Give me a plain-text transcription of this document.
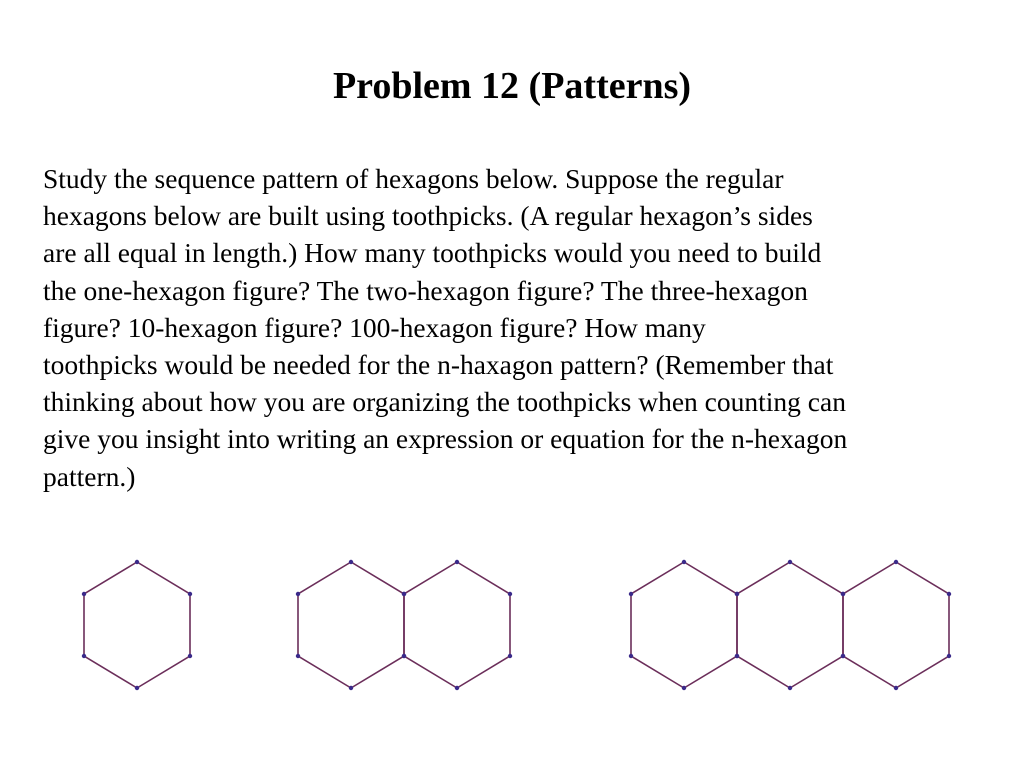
Problem 12 (Patterns)
Study the sequence pattern of hexagons below. Suppose the regular
hexagons below are built using toothpicks. (A regular hexagon’s sides
are all equal in length.) How many toothpicks would you need to build
the one-hexagon figure? The two-hexagon figure? The three-hexagon
figure? 10-hexagon figure? 100-hexagon figure? How many
toothpicks would be needed for the n-haxagon pattern? (Remember that
thinking about how you are organizing the toothpicks when counting can
give you insight into writing an expression or equation for the n-hexagon
pattern.)
